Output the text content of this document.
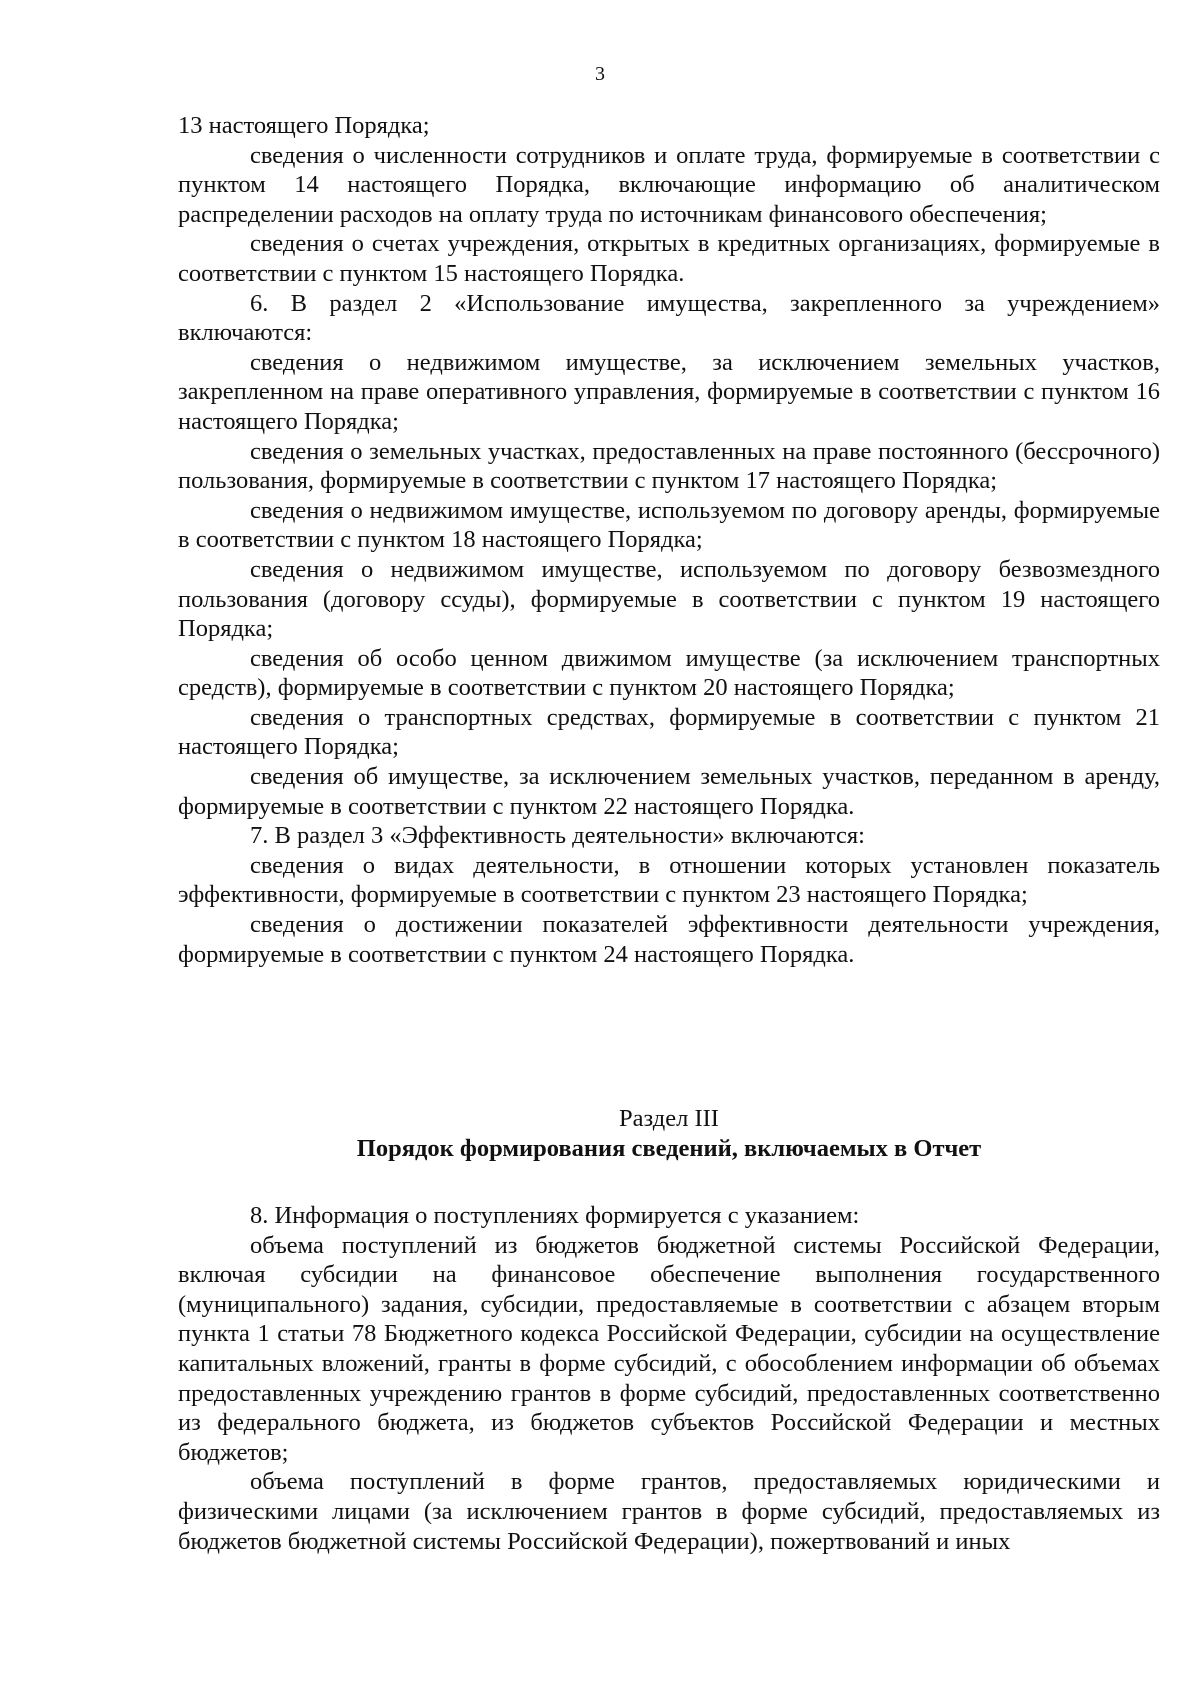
3

13 настоящего Порядка;

сведения о численности сотрудников и оплате труда, формируемые в соответствии с пунктом 14 настоящего Порядка, включающие информацию об аналитическом распределении расходов на оплату труда по источникам финансового обеспечения;

сведения о счетах учреждения, открытых в кредитных организациях, формируемые в соответствии с пунктом 15 настоящего Порядка.

6. В раздел 2 «Использование имущества, закрепленного за учреждением» включаются:

сведения о недвижимом имуществе, за исключением земельных участков, закрепленном на праве оперативного управления, формируемые в соответствии с пунктом 16 настоящего Порядка;

сведения о земельных участках, предоставленных на праве постоянного (бессрочного) пользования, формируемые в соответствии с пунктом 17 настоящего Порядка;

сведения о недвижимом имуществе, используемом по договору аренды, формируемые в соответствии с пунктом 18 настоящего Порядка;

сведения о недвижимом имуществе, используемом по договору безвозмездного пользования (договору ссуды), формируемые в соответствии с пунктом 19 настоящего Порядка;

сведения об особо ценном движимом имуществе (за исключением транспортных средств), формируемые в соответствии с пунктом 20 настоящего Порядка;

сведения о транспортных средствах, формируемые в соответствии с пунктом 21 настоящего Порядка;

сведения об имуществе, за исключением земельных участков, переданном в аренду, формируемые в соответствии с пунктом 22 настоящего Порядка.

7. В раздел 3 «Эффективность деятельности» включаются:

сведения о видах деятельности, в отношении которых установлен показатель эффективности, формируемые в соответствии с пунктом 23 настоящего Порядка;

сведения о достижении показателей эффективности деятельности учреждения, формируемые в соответствии с пунктом 24 настоящего Порядка.

Раздел III
Порядок формирования сведений, включаемых в Отчет

8. Информация о поступлениях формируется с указанием:

объема поступлений из бюджетов бюджетной системы Российской Федерации, включая субсидии на финансовое обеспечение выполнения государственного (муниципального) задания, субсидии, предоставляемые в соответствии с абзацем вторым пункта 1 статьи 78 Бюджетного кодекса Российской Федерации, субсидии на осуществление капитальных вложений, гранты в форме субсидий, с обособлением информации об объемах предоставленных учреждению грантов в форме субсидий, предоставленных соответственно из федерального бюджета, из бюджетов субъектов Российской Федерации и местных бюджетов;

объема поступлений в форме грантов, предоставляемых юридическими и физическими лицами (за исключением грантов в форме субсидий, предоставляемых из бюджетов бюджетной системы Российской Федерации), пожертвований и иных
